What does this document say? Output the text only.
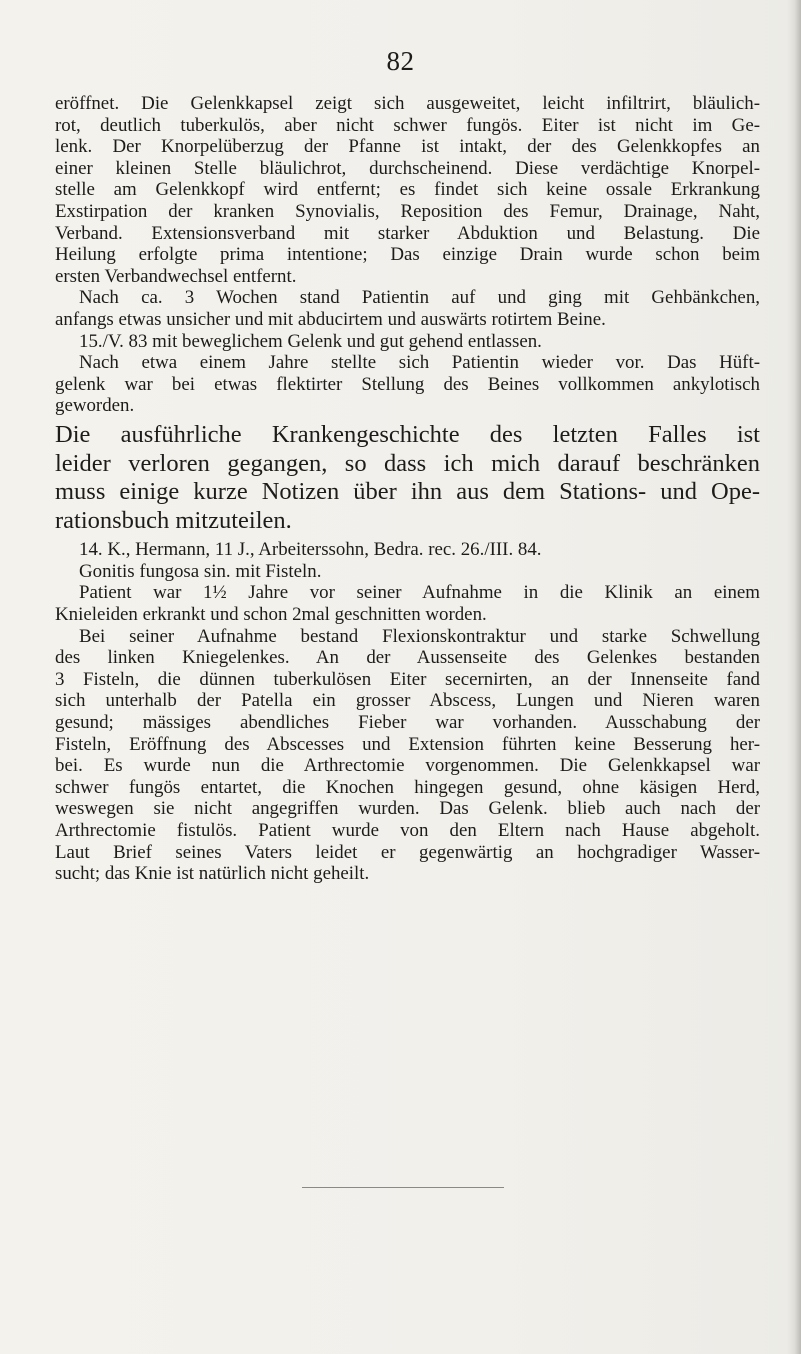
82
eröffnet. Die Gelenkkapsel zeigt sich ausgeweitet, leicht infiltrirt, bläulich-
rot, deutlich tuberkulös, aber nicht schwer fungös. Eiter ist nicht im Ge-
lenk. Der Knorpelüberzug der Pfanne ist intakt, der des Gelenkkopfes an
einer kleinen Stelle bläulichrot, durchscheinend. Diese verdächtige Knorpel-
stelle am Gelenkkopf wird entfernt; es findet sich keine ossale Erkrankung
Exstirpation der kranken Synovialis, Reposition des Femur, Drainage, Naht,
Verband. Extensionsverband mit starker Abduktion und Belastung. Die
Heilung erfolgte prima intentione; Das einzige Drain wurde schon beim
ersten Verbandwechsel entfernt.
Nach ca. 3 Wochen stand Patientin auf und ging mit Gehbänkchen,
anfangs etwas unsicher und mit abducirtem und auswärts rotirtem Beine.
15./V. 83 mit beweglichem Gelenk und gut gehend entlassen.
Nach etwa einem Jahre stellte sich Patientin wieder vor. Das Hüft-
gelenk war bei etwas flektirter Stellung des Beines vollkommen ankylotisch
geworden.
Die ausführliche Krankengeschichte des letzten Falles ist
leider verloren gegangen, so dass ich mich darauf beschränken
muss einige kurze Notizen über ihn aus dem Stations- und Ope-
rationsbuch mitzuteilen.
14. K., Hermann, 11 J., Arbeiterssohn, Bedra. rec. 26./III. 84.
Gonitis fungosa sin. mit Fisteln.
Patient war 1½ Jahre vor seiner Aufnahme in die Klinik an einem
Knieleiden erkrankt und schon 2mal geschnitten worden.
Bei seiner Aufnahme bestand Flexionskontraktur und starke Schwellung
des linken Kniegelenkes. An der Aussenseite des Gelenkes bestanden
3 Fisteln, die dünnen tuberkulösen Eiter secernirten, an der Innenseite fand
sich unterhalb der Patella ein grosser Abscess, Lungen und Nieren waren
gesund; mässiges abendliches Fieber war vorhanden. Ausschabung der
Fisteln, Eröffnung des Abscesses und Extension führten keine Besserung her-
bei. Es wurde nun die Arthrectomie vorgenommen. Die Gelenkkapsel war
schwer fungös entartet, die Knochen hingegen gesund, ohne käsigen Herd,
weswegen sie nicht angegriffen wurden. Das Gelenk. blieb auch nach der
Arthrectomie fistulös. Patient wurde von den Eltern nach Hause abgeholt.
Laut Brief seines Vaters leidet er gegenwärtig an hochgradiger Wasser-
sucht; das Knie ist natürlich nicht geheilt.
